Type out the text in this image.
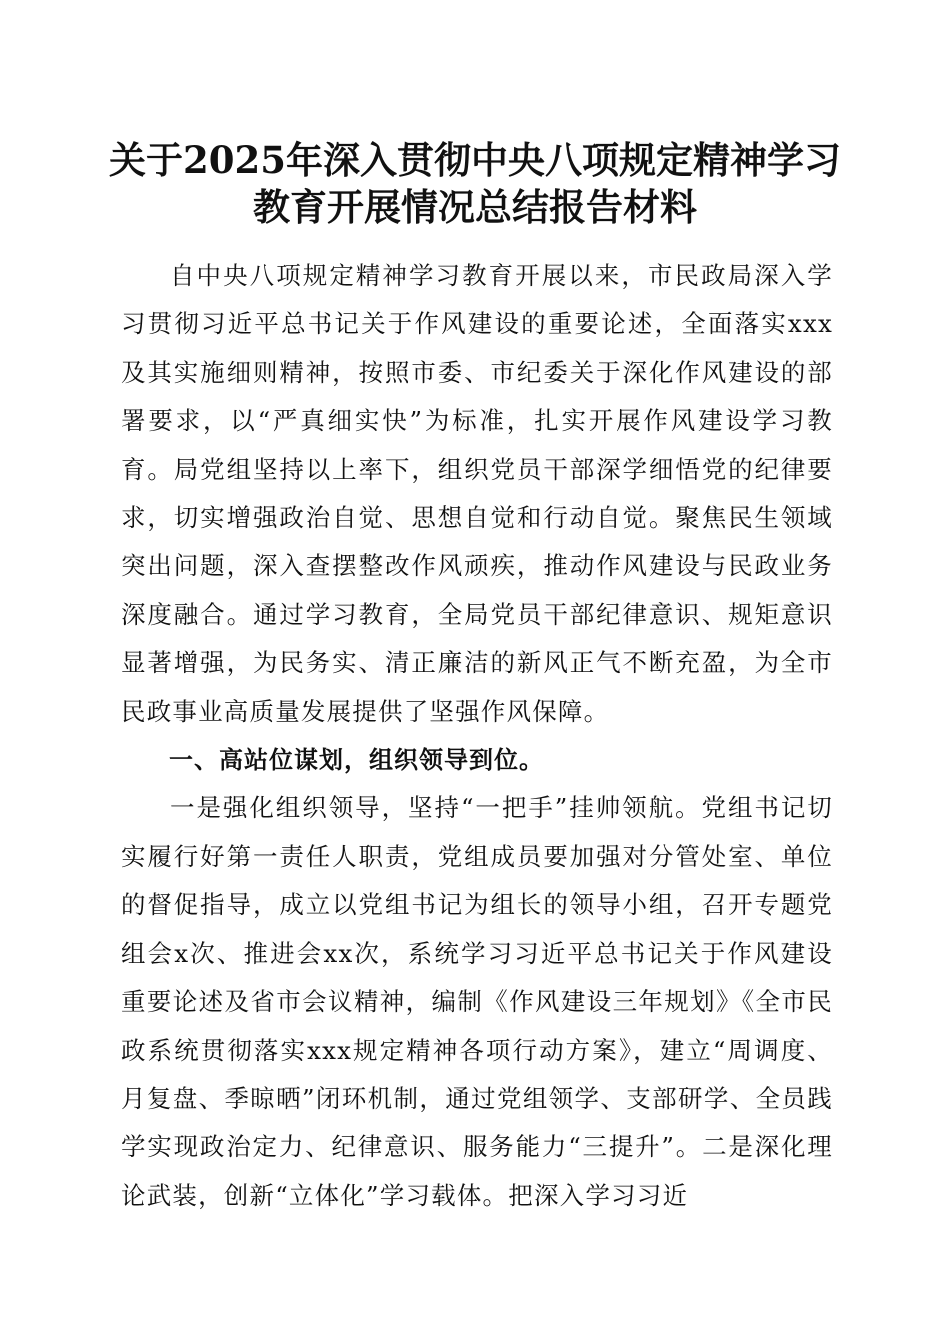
关于2025年深入贯彻中央八项规定精神学习
教育开展情况总结报告材料

自中央八项规定精神学习教育开展以来，市民政局深入学习贯彻习近平总书记关于作风建设的重要论述，全面落实xxx及其实施细则精神，按照市委、市纪委关于深化作风建设的部署要求，以“严真细实快”为标准，扎实开展作风建设学习教育。局党组坚持以上率下，组织党员干部深学细悟党的纪律要求，切实增强政治自觉、思想自觉和行动自觉。聚焦民生领域突出问题，深入查摆整改作风顽疾，推动作风建设与民政业务深度融合。通过学习教育，全局党员干部纪律意识、规矩意识显著增强，为民务实、清正廉洁的新风正气不断充盈，为全市民政事业高质量发展提供了坚强作风保障。

一、高站位谋划，组织领导到位。

一是强化组织领导，坚持“一把手”挂帅领航。党组书记切实履行好第一责任人职责，党组成员要加强对分管处室、单位的督促指导，成立以党组书记为组长的领导小组，召开专题党组会x次、推进会xx次，系统学习习近平总书记关于作风建设重要论述及省市会议精神，编制《作风建设三年规划》《全市民政系统贯彻落实xxx规定精神各项行动方案》，建立“周调度、月复盘、季晾晒”闭环机制，通过党组领学、支部研学、全员践学实现政治定力、纪律意识、服务能力“三提升”。二是深化理论武装，创新“立体化”学习载体。把深入学习习近
